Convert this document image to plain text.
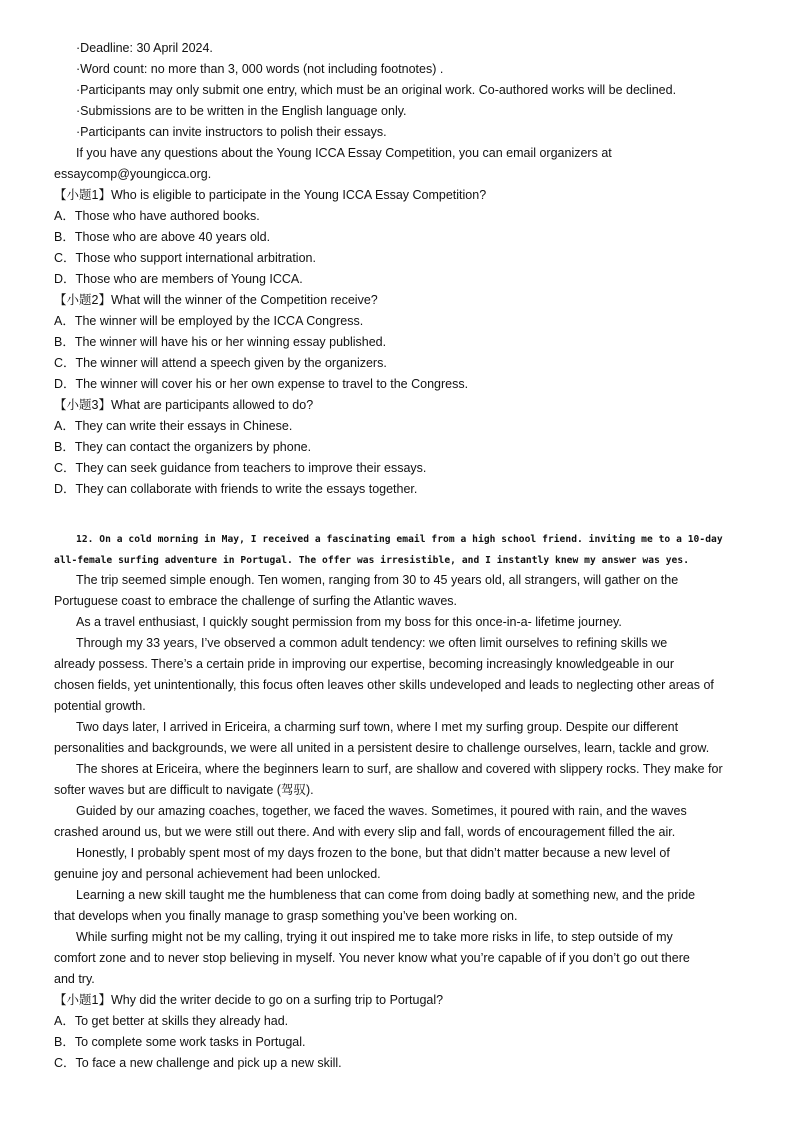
·Deadline: 30 April 2024.
·Word count: no more than 3, 000 words (not including footnotes) .
·Participants may only submit one entry, which must be an original work. Co-authored works will be declined.
·Submissions are to be written in the English language only.
·Participants can invite instructors to polish their essays.
If you have any questions about the Young ICCA Essay Competition, you can email organizers at
essaycomp@youngicca.org.
【小题1】Who is eligible to participate in the Young ICCA Essay Competition?
A．Those who have authored books.
B．Those who are above 40 years old.
C．Those who support international arbitration.
D．Those who are members of Young ICCA.
【小题2】What will the winner of the Competition receive?
A．The winner will be employed by the ICCA Congress.
B．The winner will have his or her winning essay published.
C．The winner will attend a speech given by the organizers.
D．The winner will cover his or her own expense to travel to the Congress.
【小题3】What are participants allowed to do?
A．They can write their essays in Chinese.
B．They can contact the organizers by phone.
C．They can seek guidance from teachers to improve their essays.
D．They can collaborate with friends to write the essays together.
12. On a cold morning in May, I received a fascinating email from a high school friend. inviting me to a 10-day
all-female surfing adventure in Portugal. The offer was irresistible, and I instantly knew my answer was yes.
The trip seemed simple enough. Ten women, ranging from 30 to 45 years old, all strangers, will gather on the
Portuguese coast to embrace the challenge of surfing the Atlantic waves.
As a travel enthusiast, I quickly sought permission from my boss for this once-in-a- lifetime journey.
Through my 33 years, I’ve observed a common adult tendency: we often limit ourselves to refining skills we
already possess. There’s a certain pride in improving our expertise, becoming increasingly knowledgeable in our
chosen fields, yet unintentionally, this focus often leaves other skills undeveloped and leads to neglecting other areas of
potential growth.
Two days later, I arrived in Ericeira, a charming surf town, where I met my surfing group. Despite our different
personalities and backgrounds, we were all united in a persistent desire to challenge ourselves, learn, tackle and grow.
The shores at Ericeira, where the beginners learn to surf, are shallow and covered with slippery rocks. They make for
softer waves but are difficult to navigate (驾驭).
Guided by our amazing coaches, together, we faced the waves. Sometimes, it poured with rain, and the waves
crashed around us, but we were still out there. And with every slip and fall, words of encouragement filled the air.
Honestly, I probably spent most of my days frozen to the bone, but that didn’t matter because a new level of
genuine joy and personal achievement had been unlocked.
Learning a new skill taught me the humbleness that can come from doing badly at something new, and the pride
that develops when you finally manage to grasp something you’ve been working on.
While surfing might not be my calling, trying it out inspired me to take more risks in life, to step outside of my
comfort zone and to never stop believing in myself. You never know what you’re capable of if you don’t go out there
and try.
【小题1】Why did the writer decide to go on a surfing trip to Portugal?
A．To get better at skills they already had.
B．To complete some work tasks in Portugal.
C．To face a new challenge and pick up a new skill.
